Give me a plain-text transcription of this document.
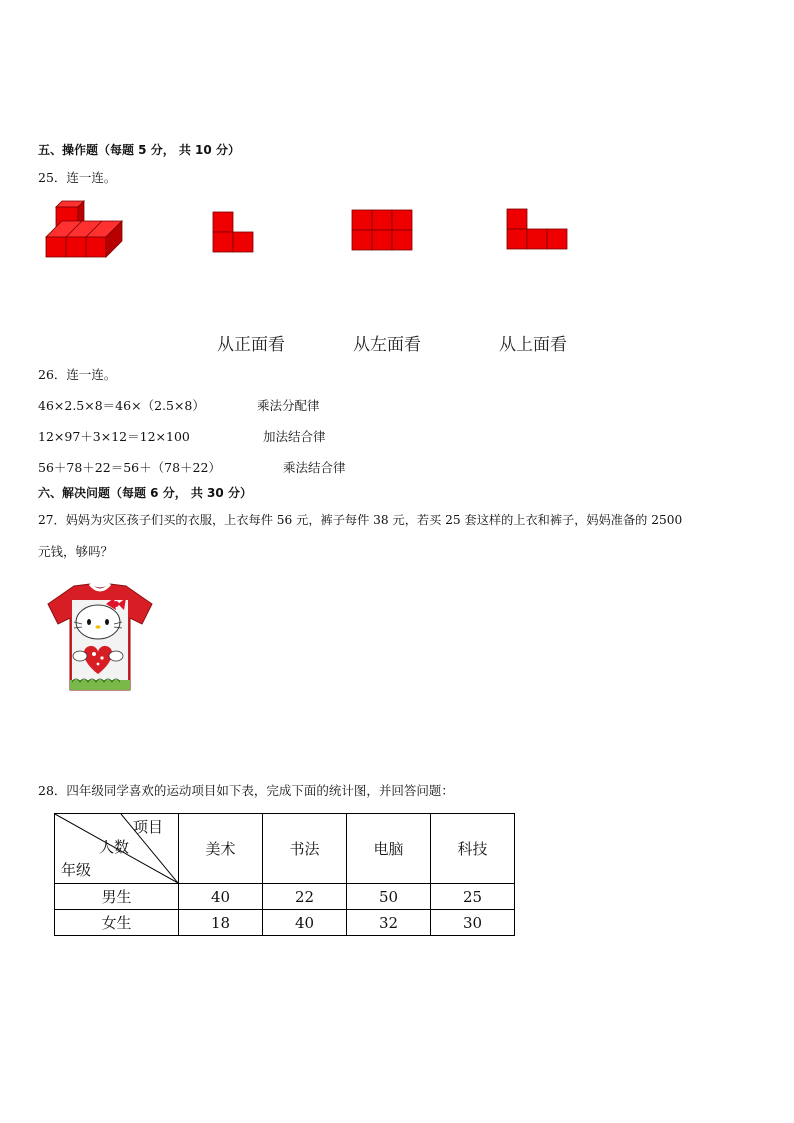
五、操作题（每题 5 分， 共 10 分）
25．连一连。
从正面看	从左面看	从上面看
26．连一连。
46×2.5×8＝46×（2.5×8）	乘法分配律
12×97＋3×12＝12×100	加法结合律
56＋78＋22＝56＋（78＋22）	乘法结合律
六、解决问题（每题 6 分， 共 30 分）
27．妈妈为灾区孩子们买的衣服，上衣每件 56 元，裤子每件 38 元，若买 25 套这样的上衣和裤子，妈妈准备的 2500
元钱，够吗？
28．四年级同学喜欢的运动项目如下表，完成下面的统计图，并回答问题：
项目
人数
年级	美术	书法	电脑	科技
男生	40	22	50	25
女生	18	40	32	30
